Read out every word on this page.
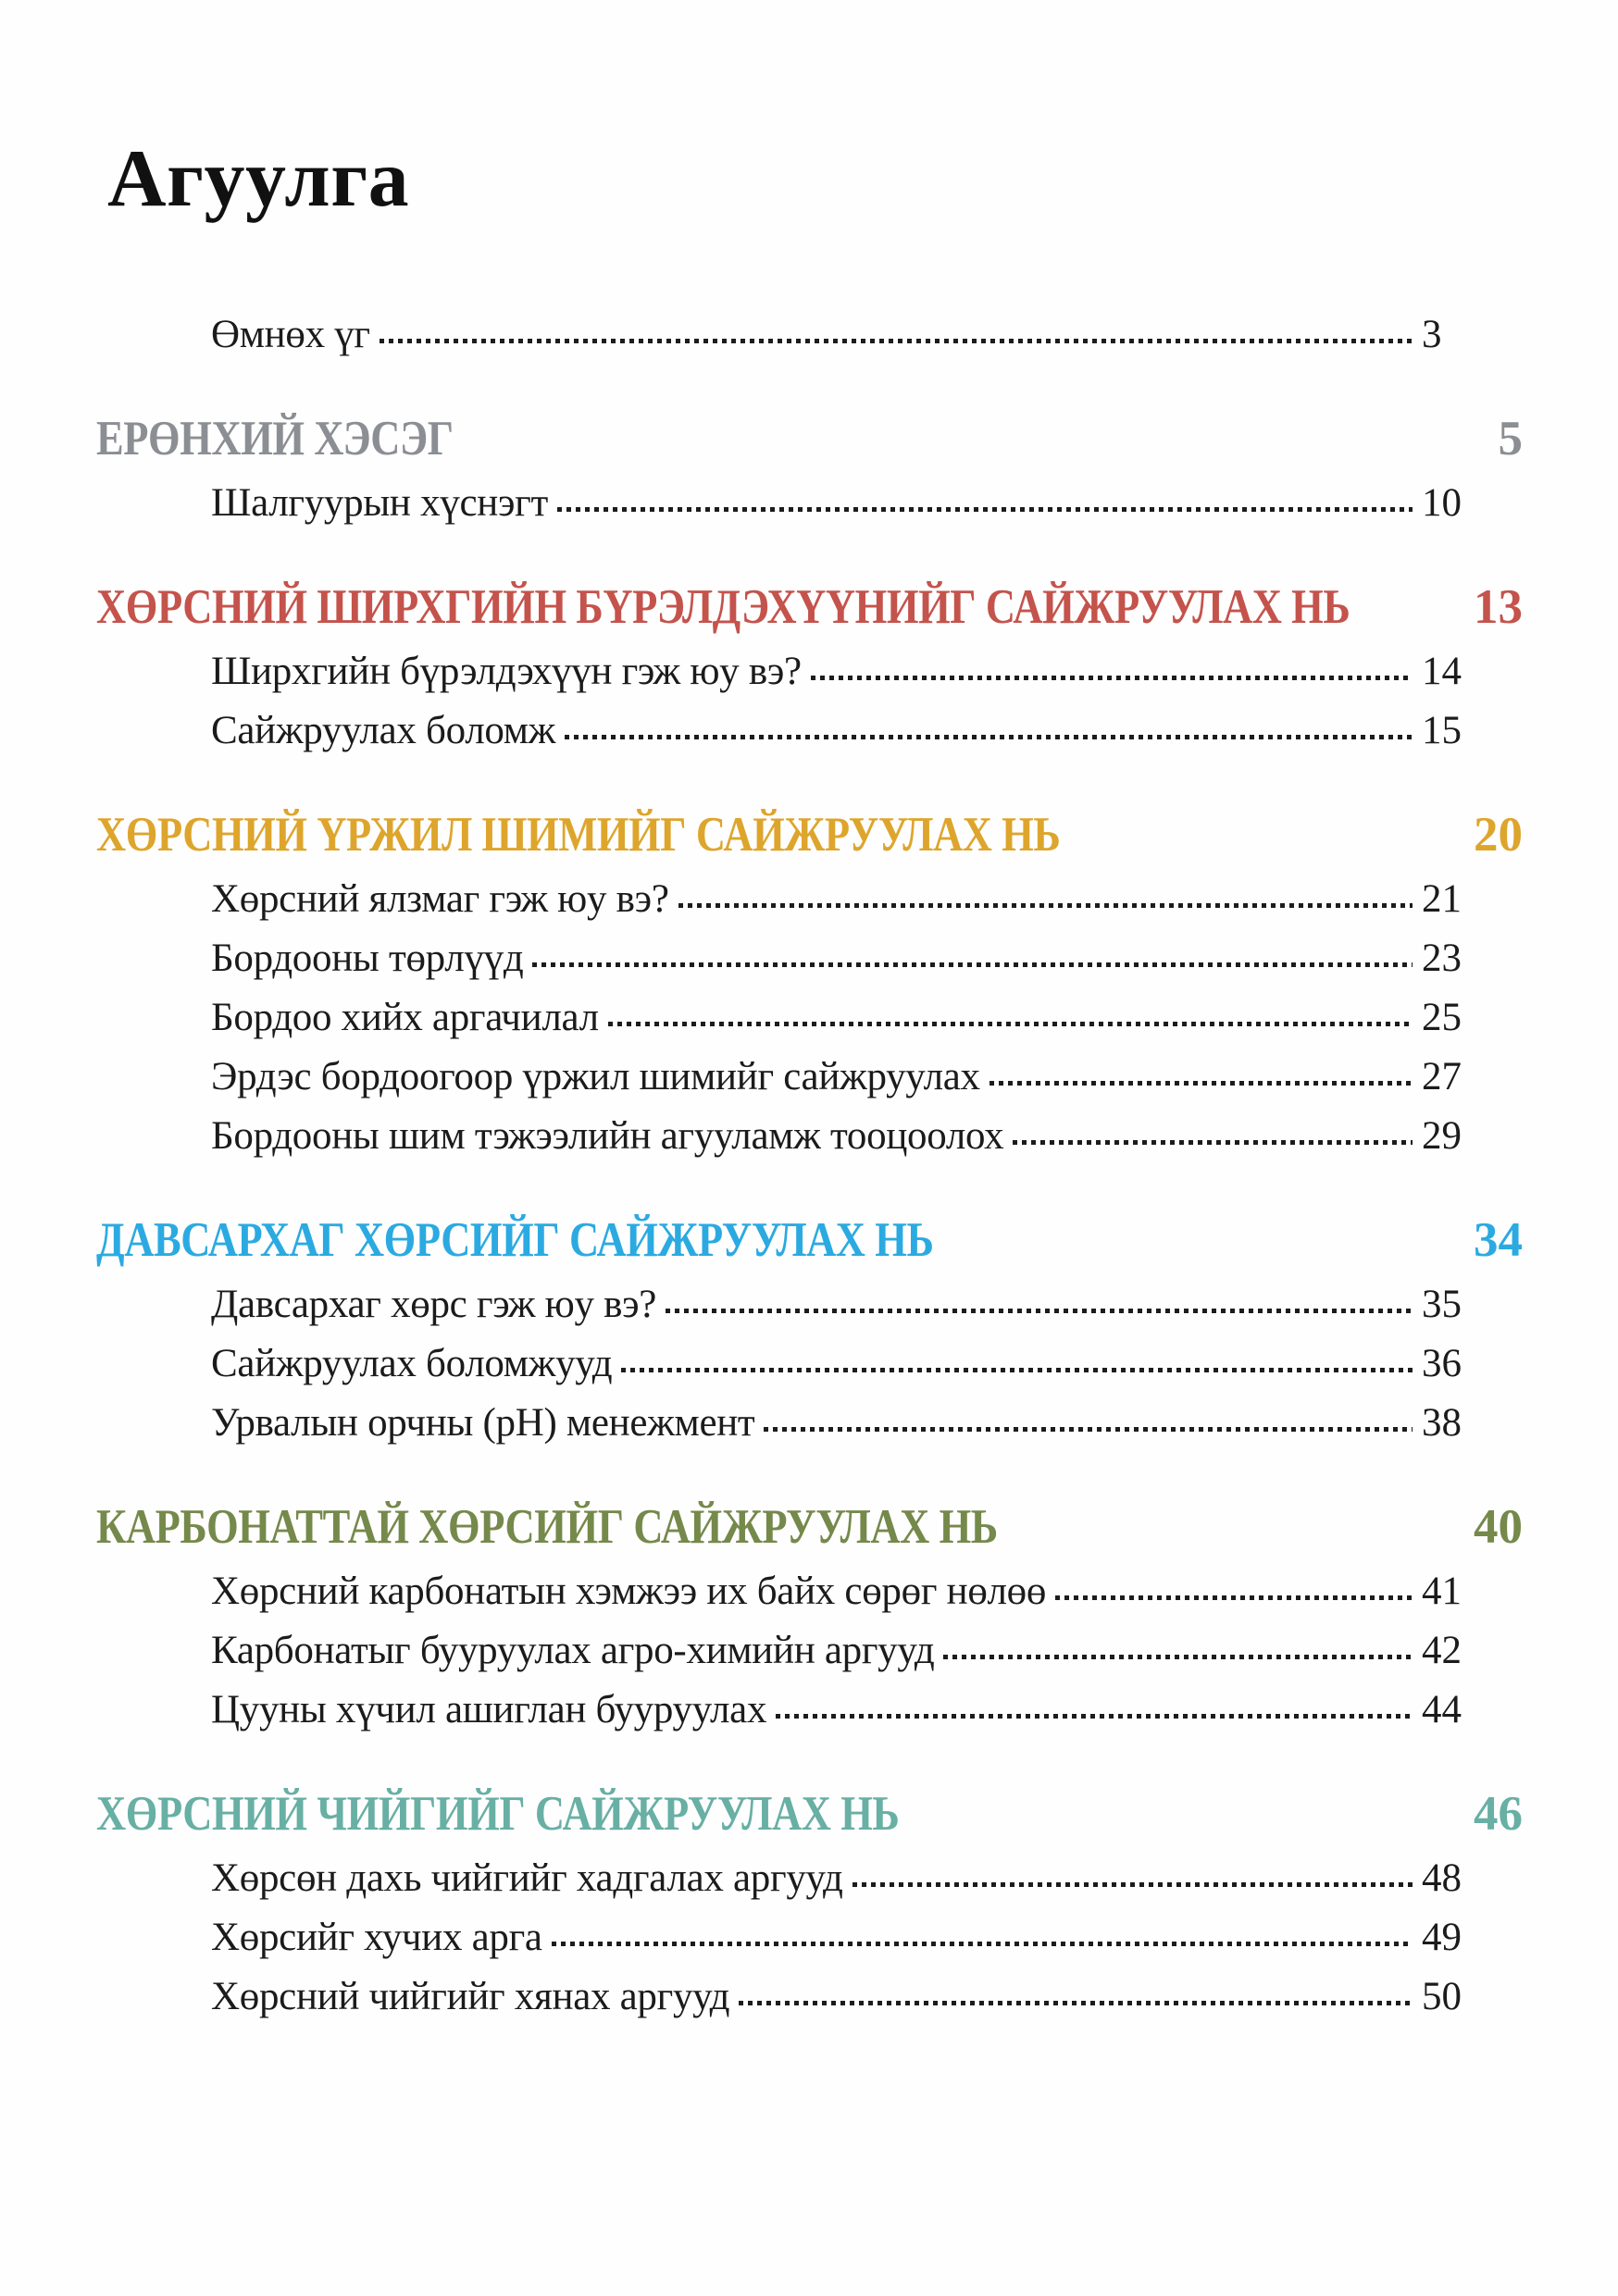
Агуулга
Өмнөх үг	3
ЕРӨНХИЙ ХЭСЭГ	5
Шалгуурын хүснэгт	10
ХӨРСНИЙ ШИРХГИЙН БҮРЭЛДЭХҮҮНИЙГ САЙЖРУУЛАХ НЬ	13
Ширхгийн бүрэлдэхүүн гэж юу вэ?	14
Сайжруулах боломж	15
ХӨРСНИЙ ҮРЖИЛ ШИМИЙГ САЙЖРУУЛАХ НЬ	20
Хөрсний ялзмаг гэж юу вэ?	21
Бордооны төрлүүд	23
Бордоо хийх аргачилал	25
Эрдэс бордоогоор үржил шимийг сайжруулах	27
Бордооны шим тэжээлийн агууламж тооцоолох	29
ДАВСАРХАГ ХӨРСИЙГ САЙЖРУУЛАХ НЬ	34
Давсархаг хөрс гэж юу вэ?	35
Сайжруулах боломжууд	36
Урвалын орчны (рН) менежмент	38
КАРБОНАТТАЙ ХӨРСИЙГ САЙЖРУУЛАХ НЬ	40
Хөрсний карбонатын хэмжээ их байх сөрөг нөлөө	41
Карбонатыг бууруулах агро-химийн аргууд	42
Цууны хүчил ашиглан бууруулах	44
ХӨРСНИЙ ЧИЙГИЙГ САЙЖРУУЛАХ НЬ	46
Хөрсөн дахь чийгийг хадгалах аргууд	48
Хөрсийг хучих арга	49
Хөрсний чийгийг хянах аргууд	50
